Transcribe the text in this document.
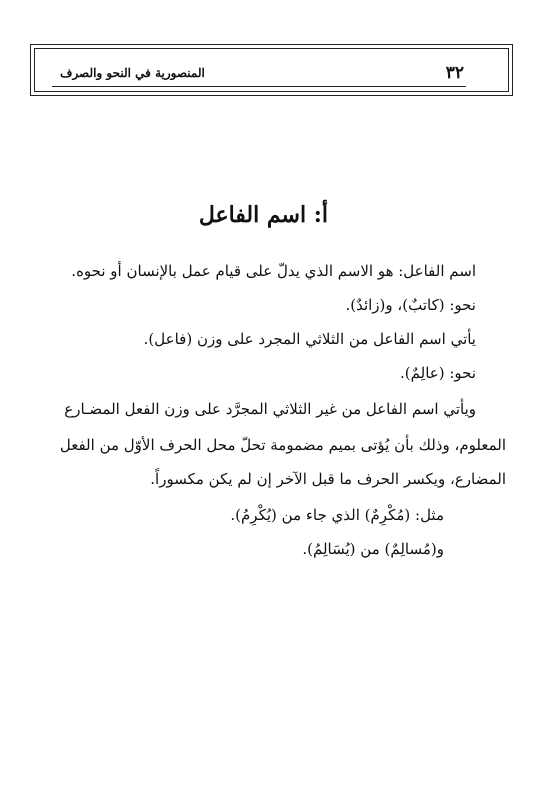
٣٢
المنصورية في النحو والصرف
أ: اسم الفاعل
اسم الفاعل: هو الاسم الذي يدلّ على قيام عمل بالإنسان أو نحوه.
نحو: (كاتبٌ)، و(زائدٌ).
يأتي اسم الفاعل من الثلاثي المجرد على وزن (فاعل).
نحو: (عالِمٌ).
ويأتي اسم الفاعل من غير الثلاثي المجرَّد على وزن الفعل المضـارع
المعلوم، وذلك بأن يُؤتى بميم مضمومة تحلّ محل الحرف الأوّل من الفعل
المضارع، ويكسر الحرف ما قبل الآخر إن لم يكن مكسوراً.
مثل: (مُكْرِمٌ) الذي جاء من (يُكْرِمُ).
و(مُسالِمٌ) من (يُسَالِمُ).
